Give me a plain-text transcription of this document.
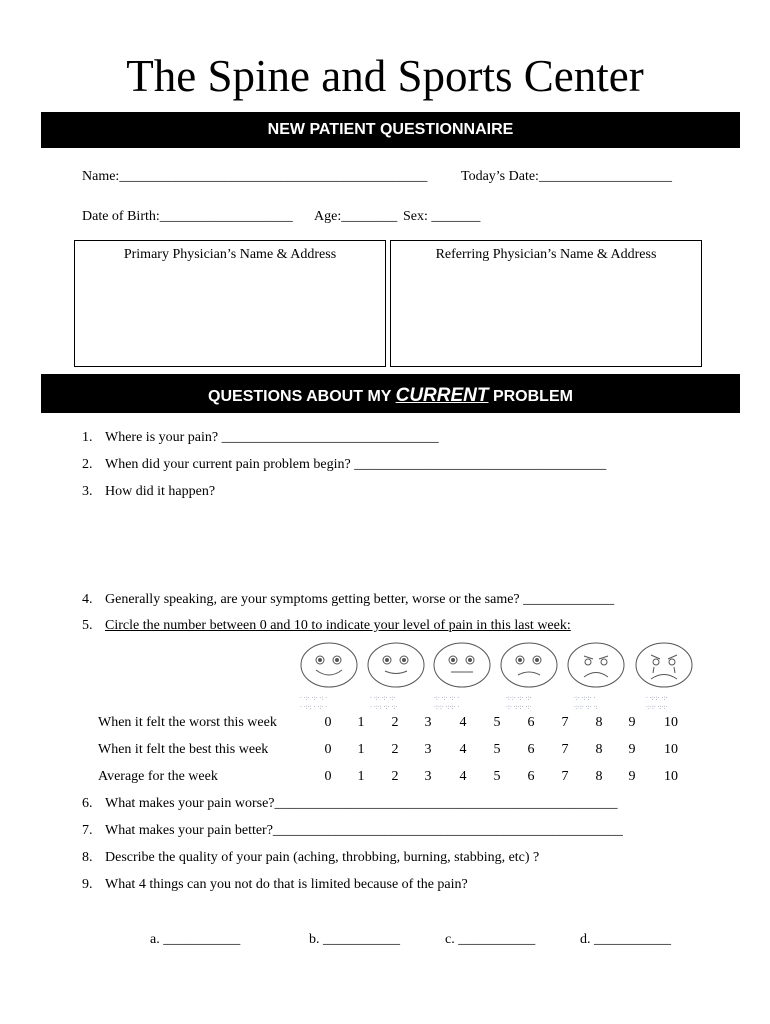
The Spine and Sports Center
NEW PATIENT QUESTIONNAIRE
Name:____________________________________________ Today’s Date:___________________
Date of Birth:___________________ Age:________ Sex: _______
Primary Physician’s Name & Address	Referring Physician’s Name & Address
QUESTIONS ABOUT MY CURRENT PROBLEM
1. Where is your pain? _______________________________
2. When did your current pain problem begin? ____________________________________
3. How did it happen?
4. Generally speaking, are your symptoms getting better, worse or the same? _____________
5. Circle the number between 0 and 10 to indicate your level of pain in this last week:
· ·:· ·:· ·: ·
· ·:·: · ·:· ·
· ·:· ·:· ·:·
· ·:·: ·:· ·:·
·:· ·:· ·:· ·
·:·:· ·:·:· ·
·:·:· ·:· ·:·
·:· ·:·:· ·:·
·:· ·:·:· ·
·:·:· ·:· ·:
· ·:·:· ·:·
·:·:· ·:·:·
When it felt the worst this week	0	1	2	3	4	5	6	7	8	9	10
When it felt the best this week	0	1	2	3	4	5	6	7	8	9	10
Average for the week	0	1	2	3	4	5	6	7	8	9	10
6. What makes your pain worse?_________________________________________________
7. What makes your pain better?__________________________________________________
8. Describe the quality of your pain (aching, throbbing, burning, stabbing, etc) ?
9. What 4 things can you not do that is limited because of the pain?
a. ___________	b. ___________	c. ___________	d. ___________
